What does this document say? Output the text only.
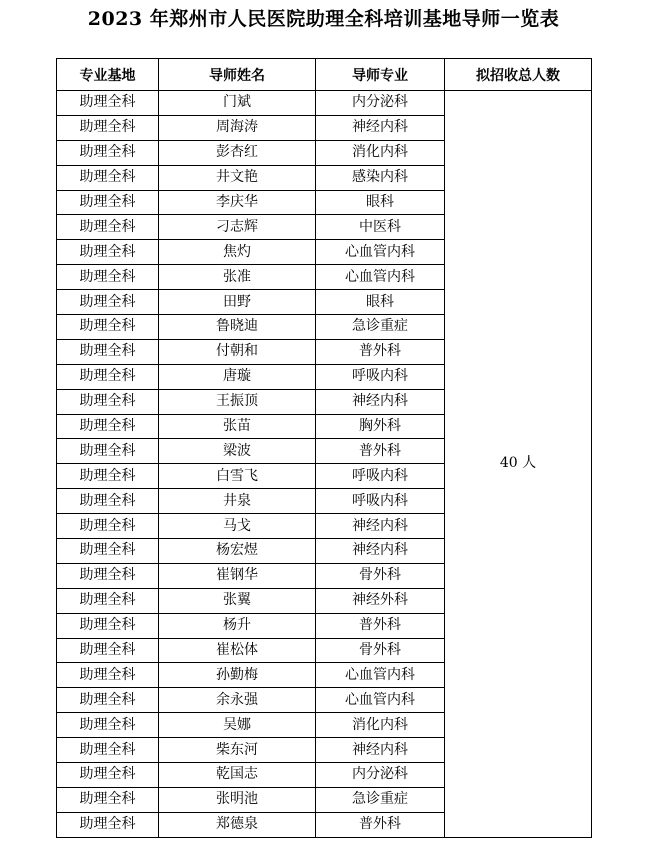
2023 年郑州市人民医院助理全科培训基地导师一览表
专业基地	导师姓名	导师专业	拟招收总人数
助理全科	门斌	内分泌科	40 人
助理全科	周海涛	神经内科	
助理全科	彭杏红	消化内科	
助理全科	井文艳	感染内科	
助理全科	李庆华	眼科	
助理全科	刁志辉	中医科	
助理全科	焦灼	心血管内科	
助理全科	张准	心血管内科	
助理全科	田野	眼科	
助理全科	鲁晓迪	急诊重症	
助理全科	付朝和	普外科	
助理全科	唐璇	呼吸内科	
助理全科	王振顶	神经内科	
助理全科	张苗	胸外科	
助理全科	梁波	普外科	
助理全科	白雪飞	呼吸内科	
助理全科	井泉	呼吸内科	
助理全科	马戈	神经内科	
助理全科	杨宏煜	神经内科	
助理全科	崔钢华	骨外科	
助理全科	张翼	神经外科	
助理全科	杨升	普外科	
助理全科	崔松体	骨外科	
助理全科	孙勤梅	心血管内科	
助理全科	余永强	心血管内科	
助理全科	吴娜	消化内科	
助理全科	柴东河	神经内科	
助理全科	乾国志	内分泌科	
助理全科	张明池	急诊重症	
助理全科	郑德泉	普外科	
